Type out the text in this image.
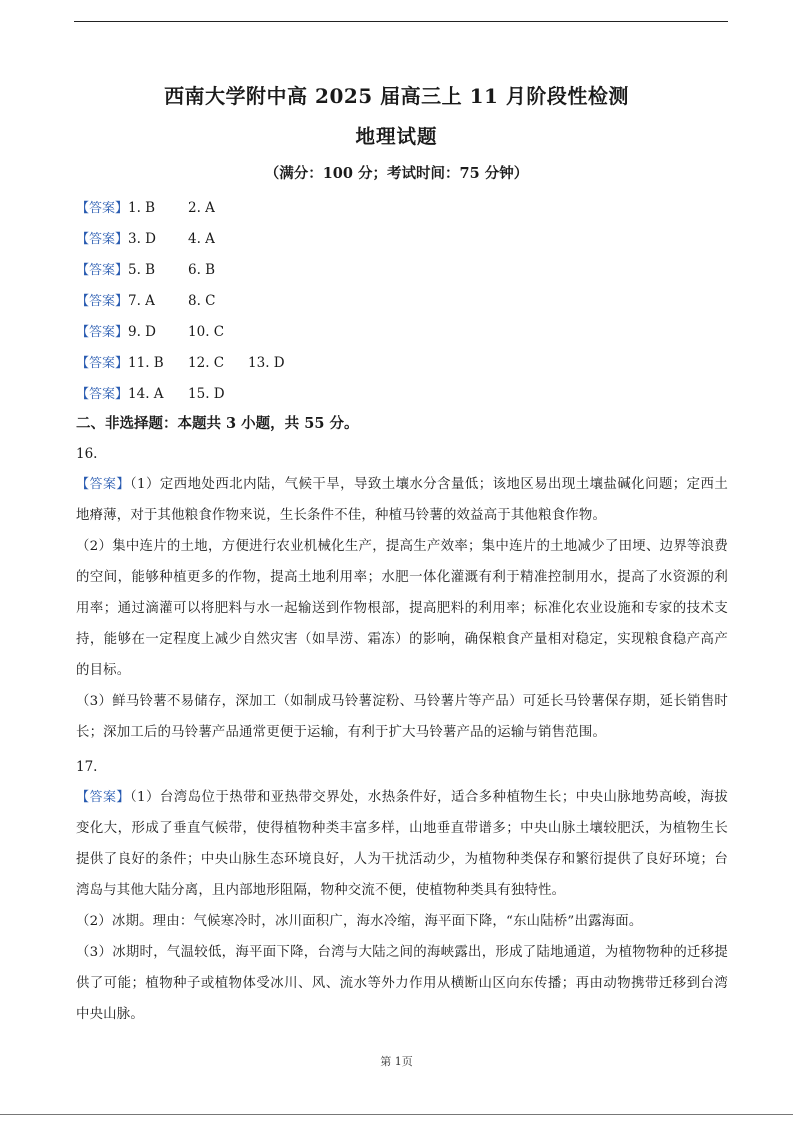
西南大学附中高 2025 届高三上 11 月阶段性检测
地理试题
（满分：100 分；考试时间：75 分钟）
【答案】1. B 2. A
【答案】3. D 4. A
【答案】5. B 6. B
【答案】7. A 8. C
【答案】9. D 10. C
【答案】11. B 12. C 13. D
【答案】14. A 15. D
二、非选择题：本题共 3 小题，共 55 分。
16.

【答案】（1）定西地处西北内陆，气候干旱，导致土壤水分含量低；该地区易出现土壤盐碱化问题；定西土地瘠薄，对于其他粮食作物来说，生长条件不佳，种植马铃薯的效益高于其他粮食作物。

（2）集中连片的土地，方便进行农业机械化生产，提高生产效率；集中连片的土地减少了田埂、边界等浪费的空间，能够种植更多的作物，提高土地利用率；水肥一体化灌溉有利于精准控制用水，提高了水资源的利用率；通过滴灌可以将肥料与水一起输送到作物根部，提高肥料的利用率；标准化农业设施和专家的技术支持，能够在一定程度上减少自然灾害（如旱涝、霜冻）的影响，确保粮食产量相对稳定，实现粮食稳产高产的目标。

（3）鲜马铃薯不易储存，深加工（如制成马铃薯淀粉、马铃薯片等产品）可延长马铃薯保存期，延长销售时长；深加工后的马铃薯产品通常更便于运输，有利于扩大马铃薯产品的运输与销售范围。

17.

【答案】（1）台湾岛位于热带和亚热带交界处，水热条件好，适合多种植物生长；中央山脉地势高峻，海拔变化大，形成了垂直气候带，使得植物种类丰富多样，山地垂直带谱多；中央山脉土壤较肥沃，为植物生长提供了良好的条件；中央山脉生态环境良好，人为干扰活动少，为植物种类保存和繁衍提供了良好环境；台湾岛与其他大陆分离，且内部地形阻隔，物种交流不便，使植物种类具有独特性。

（2）冰期。理由：气候寒冷时，冰川面积广，海水冷缩，海平面下降，“东山陆桥”出露海面。

（3）冰期时，气温较低，海平面下降，台湾与大陆之间的海峡露出，形成了陆地通道，为植物物种的迁移提供了可能；植物种子或植物体受冰川、风、流水等外力作用从横断山区向东传播；再由动物携带迁移到台湾中央山脉。

第 1页
